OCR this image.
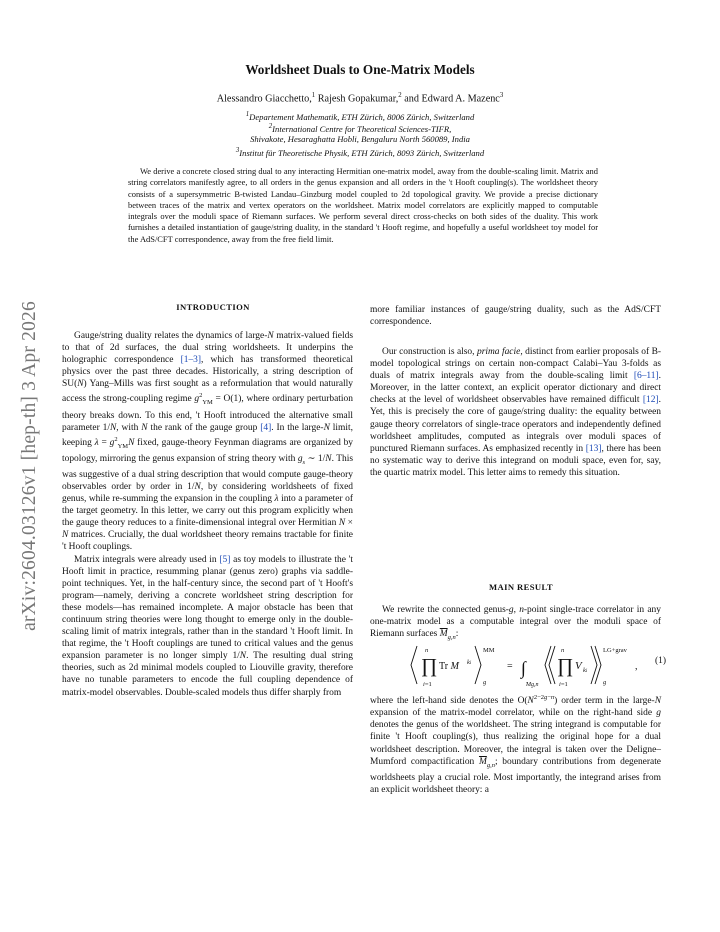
arXiv:2604.03126v1 [hep-th] 3 Apr 2026
Worldsheet Duals to One-Matrix Models
Alessandro Giacchetto,$^1$ Rajesh Gopakumar,$^2$ and Edward A. Mazenc$^3$
$^1$Departement Mathematik, ETH Zürich, 8006 Zürich, Switzerland
$^2$International Centre for Theoretical Sciences-TIFR,
Shivakote, Hesaraghatta Hobli, Bengaluru North 560089, India
$^3$Institut für Theoretische Physik, ETH Zürich, 8093 Zürich, Switzerland
We derive a concrete closed string dual to any interacting Hermitian one-matrix model, away from the double-scaling limit. Matrix and string correlators manifestly agree, to all orders in the genus expansion and all orders in the 't Hooft coupling(s). The worldsheet theory consists of a supersymmetric B-twisted Landau–Ginzburg model coupled to 2d topological gravity. We provide a precise dictionary between traces of the matrix and vertex operators on the worldsheet. Matrix model correlators are explicitly mapped to computable integrals over the moduli space of Riemann surfaces. We perform several direct cross-checks on both sides of the duality. This work furnishes a detailed instantiation of gauge/string duality, in the standard 't Hooft regime, and hopefully a useful worldsheet toy model for the AdS/CFT correspondence, away from the free field limit.
INTRODUCTION

Gauge/string duality relates the dynamics of large-N matrix-valued fields to that of 2d surfaces, the dual string worldsheets. It underpins the holographic correspondence [1–3], which has transformed theoretical physics over the past three decades. Historically, a string description of SU(N) Yang–Mills was first sought as a reformulation that would naturally access the strong-coupling regime $g^2_{YM} = O(1)$, where ordinary perturbation theory breaks down. To this end, 't Hooft introduced the alternative small parameter 1/N, with N the rank of the gauge group [4]. In the large-N limit, keeping $\lambda = g^2_{YM}N$ fixed, gauge-theory Feynman diagrams are organized by topology, mirroring the genus expansion of string theory with $g_s$ ∼ 1/N. This was suggestive of a dual string description that would compute gauge-theory observables order by order in 1/N, by considering worldsheets of fixed genus, while re-summing the expansion in the coupling λ into a parameter of the target geometry. In this letter, we carry out this program explicitly when the gauge theory reduces to a finite-dimensional integral over Hermitian N × N matrices. Crucially, the dual worldsheet theory remains tractable for finite 't Hooft couplings.

Matrix integrals were already used in [5] as toy models to illustrate the 't Hooft limit in practice, resumming planar (genus zero) graphs via saddle-point techniques. Yet, in the half-century since, the second part of 't Hooft's program—namely, deriving a concrete worldsheet string description for these models—has remained incomplete. A major obstacle has been that continuum string theories were long thought to emerge only in the double-scaling limit of matrix integrals, rather than in the standard 't Hooft limit. In that regime, the 't Hooft couplings are tuned to critical values and the genus expansion parameter is no longer simply 1/N. The resulting dual string theories, such as 2d minimal models coupled to Liouville gravity, therefore have no tunable parameters to encode the full coupling dependence of matrix-model observables. Double-scaled models thus differ sharply from

more familiar instances of gauge/string duality, such as the AdS/CFT correspondence.

Our construction is also, prima facie, distinct from earlier proposals of B-model topological strings on certain non-compact Calabi–Yau 3-folds as duals of matrix integrals away from the double-scaling limit [6–11]. Moreover, in the latter context, an explicit operator dictionary and direct checks at the level of worldsheet observables have remained difficult [12]. Yet, this is precisely the core of gauge/string duality: the equality between gauge theory correlators of single-trace operators and independently defined worldsheet amplitudes, computed as integrals over moduli spaces of punctured Riemann surfaces. As emphasized recently in [13], there has been no systematic way to derive this integrand on moduli space, even for, say, the quartic matrix model. This letter aims to remedy this situation.

MAIN RESULT

We rewrite the connected genus-g, n-point single-trace correlator in any one-matrix model as a computable integral over the moduli space of Riemann surfaces $\overline{M}_{g,n}$:

∏
n
i=1
Tr M ki
MM
g
= ∫
Mg,n
∏
n
i=1
V ki
LG+grav
g
, (1)

where the left-hand side denotes the $O(N^{2-2g-n})$ order term in the large-N expansion of the matrix-model correlator, while on the right-hand side g denotes the genus of the worldsheet. The string integrand is computable for finite 't Hooft coupling(s), thus realizing the original hope for a dual worldsheet description. Moreover, the integral is taken over the Deligne–Mumford compactification $\overline{M}_{g,n}$; boundary contributions from degenerate worldsheets play a crucial role. Most importantly, the integrand arises from an explicit worldsheet theory: a
